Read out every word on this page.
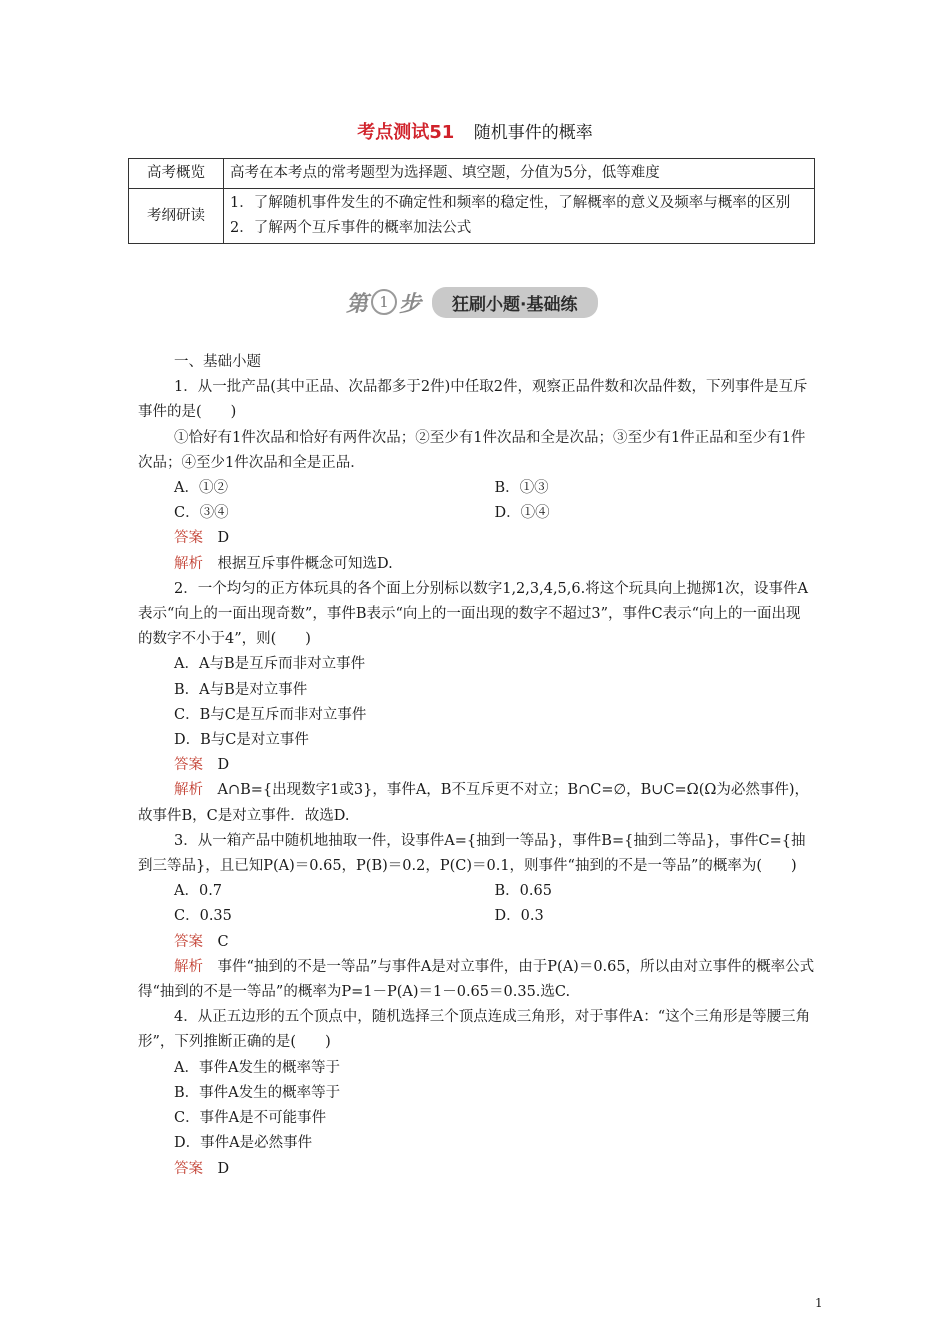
考点测试51 随机事件的概率
高考概览	高考在本考点的常考题型为选择题、填空题，分值为5分，低等难度
考纲研读	1．了解随机事件发生的不确定性和频率的稳定性，了解概率的意义及频率与概率的区别
2．了解两个互斥事件的概率加法公式
第 1 步	狂刷小题·基础练

一、基础小题

1．从一批产品(其中正品、次品都多于2件)中任取2件，观察正品件数和次品件数，下列事件是互斥事件的是(　　)

①恰好有1件次品和恰好有两件次品；②至少有1件次品和全是次品；③至少有1件正品和至少有1件次品；④至少1件次品和全是正品．

A．①②	B．①③
C．③④	D．①④

答案　 D

解析　 根据互斥事件概念可知选D.

2．一个均匀的正方体玩具的各个面上分别标以数字1,2,3,4,5,6.将这个玩具向上抛掷1次，设事件A表示“向上的一面出现奇数”，事件B表示“向上的一面出现的数字不超过3”，事件C表示“向上的一面出现的数字不小于4”，则(　　)

A．A与B是互斥而非对立事件

B．A与B是对立事件

C．B与C是互斥而非对立事件

D．B与C是对立事件

答案　 D

解析　 A∩B={出现数字1或3}，事件A，B不互斥更不对立；B∩C=∅，B∪C=Ω(Ω为必然事件)，故事件B，C是对立事件．故选D.

3．从一箱产品中随机地抽取一件，设事件A={抽到一等品}，事件B={抽到二等品}，事件C={抽到三等品}，且已知P(A)＝0.65，P(B)＝0.2，P(C)＝0.1，则事件“抽到的不是一等品”的概率为(　　)

A．0.7	B．0.65
C．0.35	D．0.3

答案　 C

解析　 事件“抽到的不是一等品”与事件A是对立事件，由于P(A)＝0.65，所以由对立事件的概率公式得“抽到的不是一等品”的概率为P=1－P(A)＝1－0.65＝0.35.选C.

4．从正五边形的五个顶点中，随机选择三个顶点连成三角形，对于事件A：“这个三角形是等腰三角形”，下列推断正确的是(　　)

A．事件A发生的概率等于

B．事件A发生的概率等于

C．事件A是不可能事件

D．事件A是必然事件

答案　 D

1
